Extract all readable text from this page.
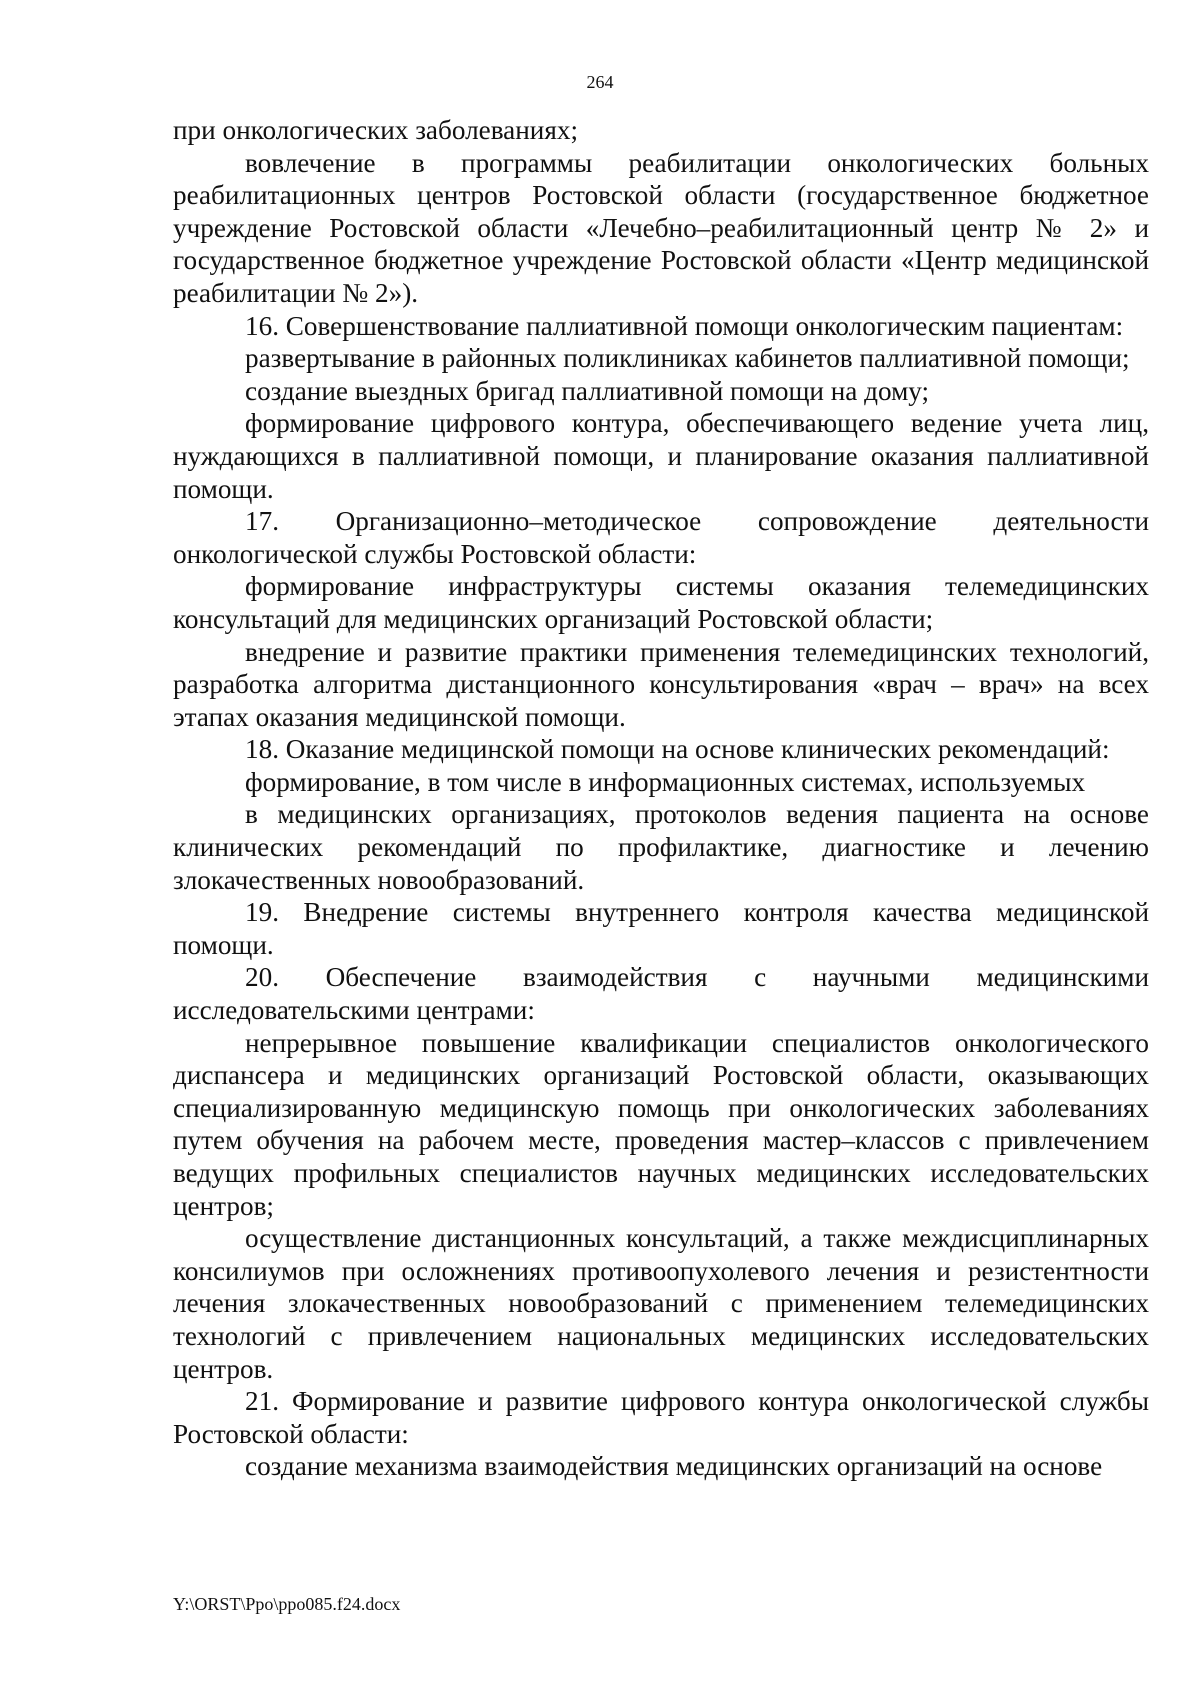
264

при онкологических заболеваниях;

вовлечение в программы реабилитации онкологических больных реабилитационных центров Ростовской области (государственное бюджетное учреждение Ростовской области «Лечебно–реабилитационный центр № 2» и государственное бюджетное учреждение Ростовской области «Центр медицинской реабилитации № 2»).

16. Совершенствование паллиативной помощи онкологическим пациентам:

развертывание в районных поликлиниках кабинетов паллиативной помощи;

создание выездных бригад паллиативной помощи на дому;

формирование цифрового контура, обеспечивающего ведение учета лиц, нуждающихся в паллиативной помощи, и планирование оказания паллиативной помощи.

17. Организационно–методическое сопровождение деятельности онкологической службы Ростовской области:

формирование инфраструктуры системы оказания телемедицинских консультаций для медицинских организаций Ростовской области;

внедрение и развитие практики применения телемедицинских технологий, разработка алгоритма дистанционного консультирования «врач – врач» на всех этапах оказания медицинской помощи.

18. Оказание медицинской помощи на основе клинических рекомендаций:

формирование, в том числе в информационных системах, используемых

в медицинских организациях, протоколов ведения пациента на основе клинических рекомендаций по профилактике, диагностике и лечению злокачественных новообразований.

19. Внедрение системы внутреннего контроля качества медицинской помощи.

20. Обеспечение взаимодействия с научными медицинскими исследовательскими центрами:

непрерывное повышение квалификации специалистов онкологического диспансера и медицинских организаций Ростовской области, оказывающих специализированную медицинскую помощь при онкологических заболеваниях путем обучения на рабочем месте, проведения мастер–классов с привлечением ведущих профильных специалистов научных медицинских исследовательских центров;

осуществление дистанционных консультаций, а также междисциплинарных консилиумов при осложнениях противоопухолевого лечения и резистентности лечения злокачественных новообразований с применением телемедицинских технологий с привлечением национальных медицинских исследовательских центров.

21. Формирование и развитие цифрового контура онкологической службы Ростовской области:

создание механизма взаимодействия медицинских организаций на основе

Y:\ORST\Ppo\ppo085.f24.docx
